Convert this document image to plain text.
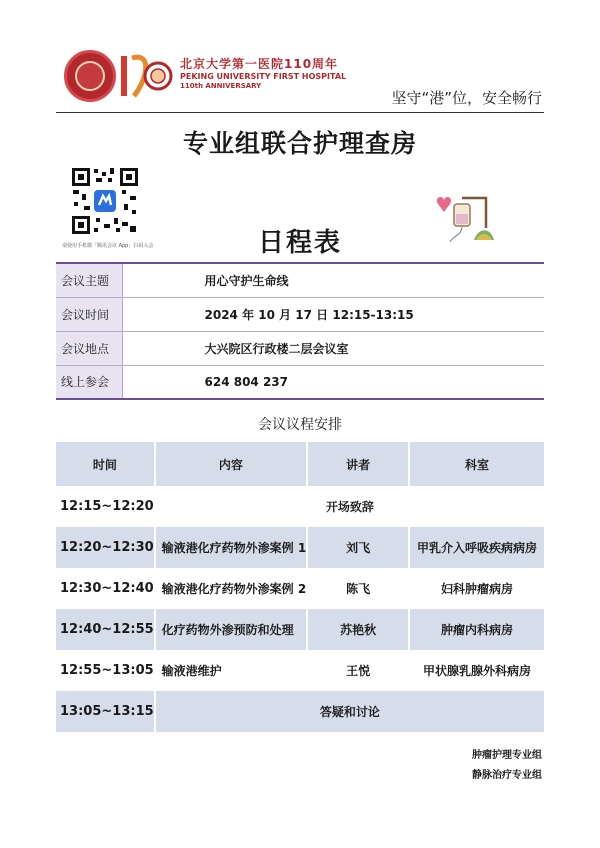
北京大学第一医院110周年
PEKING UNIVERSITY FIRST HOSPITAL
110th ANNIVERSARY
坚守“港”位，安全畅行
专业组联合护理查房
请使用手机微「腾讯会议 App」扫码入会	日程表
会议主题	用心守护生命线
会议时间	2024 年 10 月 17 日 12:15-13:15
会议地点	大兴院区行政楼二层会议室
线上参会	624 804 237
会议议程安排
时间	内容	讲者	科室
12:15~12:20	开场致辞		
12:20~12:30	输液港化疗药物外渗案例 1	刘飞	甲乳介入呼吸疾病病房
12:30~12:40	输液港化疗药物外渗案例 2	陈飞	妇科肿瘤病房
12:40~12:55	化疗药物外渗预防和处理	苏艳秋	肿瘤内科病房
12:55~13:05	输液港维护	王悦	甲状腺乳腺外科病房
13:05~13:15	答疑和讨论		
肿瘤护理专业组
静脉治疗专业组
